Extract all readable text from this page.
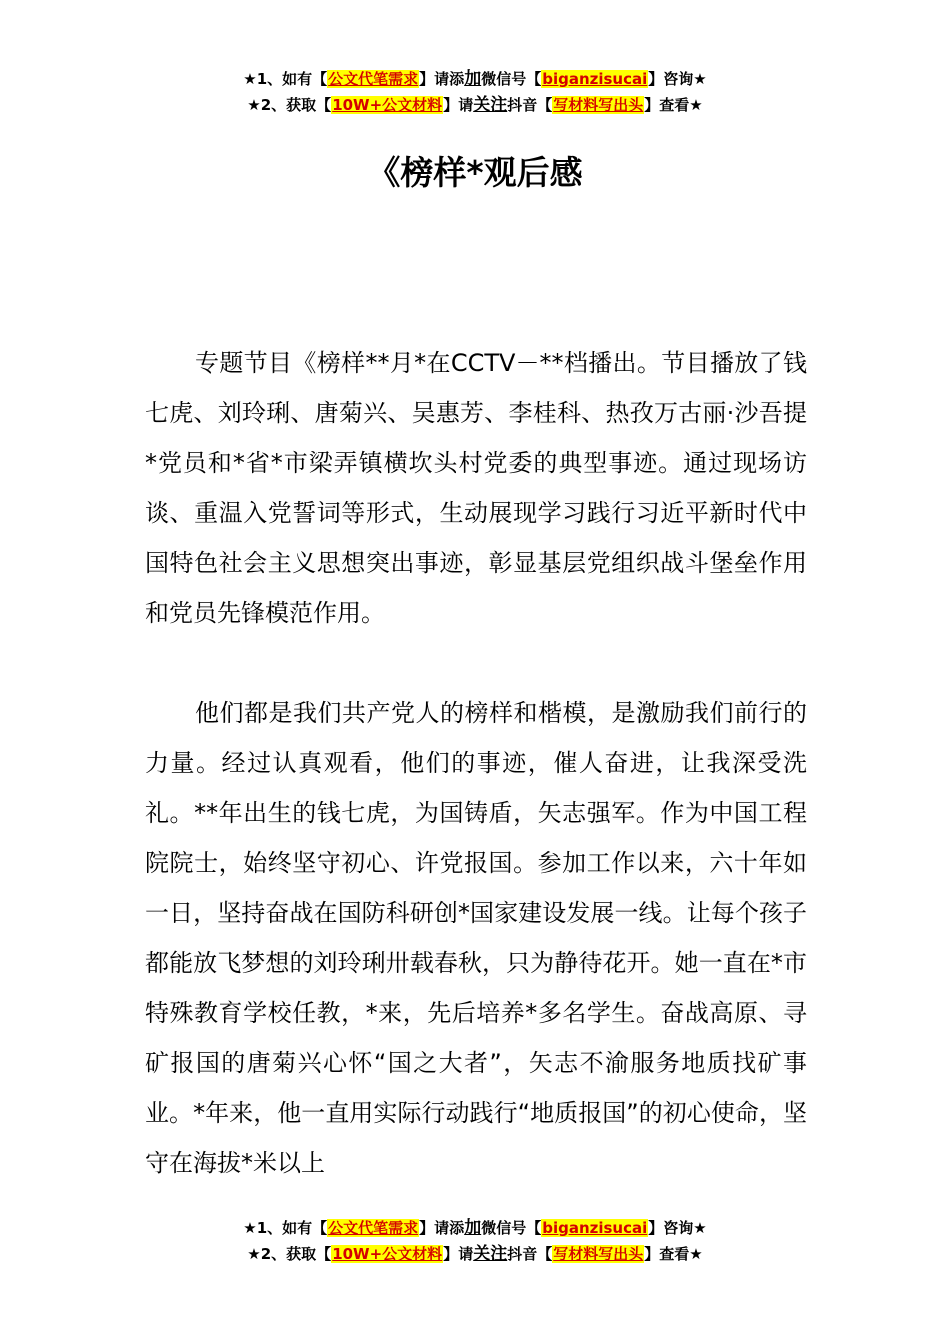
★1、如有【公文代笔需求】请添加微信号【biganzisucai】咨询★
★2、获取【10W+公文材料】请关注抖音【写材料写出头】查看★
《榜样*观后感

专题节目《榜样**月*在CCTV－**档播出。节目播放了钱七虎、刘玲琍、唐菊兴、吴惠芳、李桂科、热孜万古丽·沙吾提*党员和*省*市梁弄镇横坎头村党委的典型事迹。通过现场访谈、重温入党誓词等形式，生动展现学习践行习近平新时代中国特色社会主义思想突出事迹，彰显基层党组织战斗堡垒作用和党员先锋模范作用。

他们都是我们共产党人的榜样和楷模，是激励我们前行的力量。经过认真观看，他们的事迹，催人奋进，让我深受洗礼。**年出生的钱七虎，为国铸盾，矢志强军。作为中国工程院院士，始终坚守初心、许党报国。参加工作以来，六十年如一日，坚持奋战在国防科研创*国家建设发展一线。让每个孩子都能放飞梦想的刘玲琍卅载春秋，只为静待花开。她一直在*市特殊教育学校任教，*来，先后培养*多名学生。奋战高原、寻矿报国的唐菊兴心怀“国之大者”，矢志不渝服务地质找矿事业。*年来，他一直用实际行动践行“地质报国”的初心使命，坚守在海拔*米以上

★1、如有【公文代笔需求】请添加微信号【biganzisucai】咨询★
★2、获取【10W+公文材料】请关注抖音【写材料写出头】查看★
